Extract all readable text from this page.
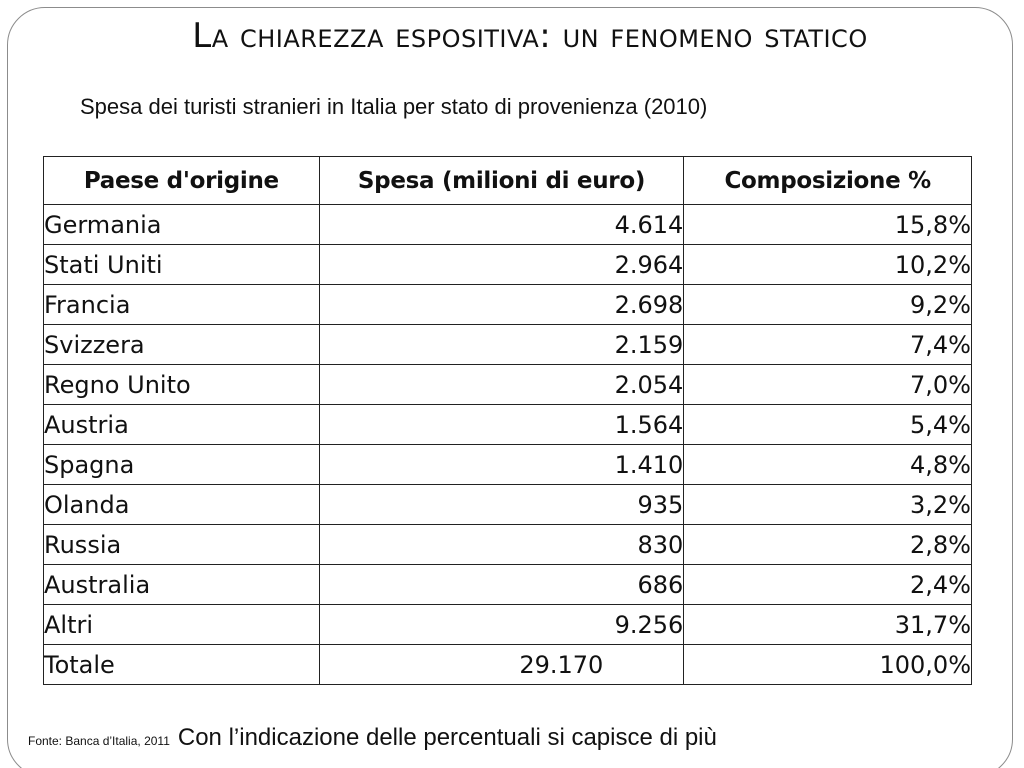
La chiarezza espositiva: un fenomeno statico
Spesa dei turisti stranieri in Italia per stato di provenienza (2010)
Paese d'origine	Spesa (milioni di euro)	Composizione %
Germania	4.614	15,8%
Stati Uniti	2.964	10,2%
Francia	2.698	9,2%
Svizzera	2.159	7,4%
Regno Unito	2.054	7,0%
Austria	1.564	5,4%
Spagna	1.410	4,8%
Olanda	935	3,2%
Russia	830	2,8%
Australia	686	2,4%
Altri	9.256	31,7%
Totale	29.170	100,0%
Fonte: Banca d’Italia, 2011 Con l’indicazione delle percentuali si capisce di più
